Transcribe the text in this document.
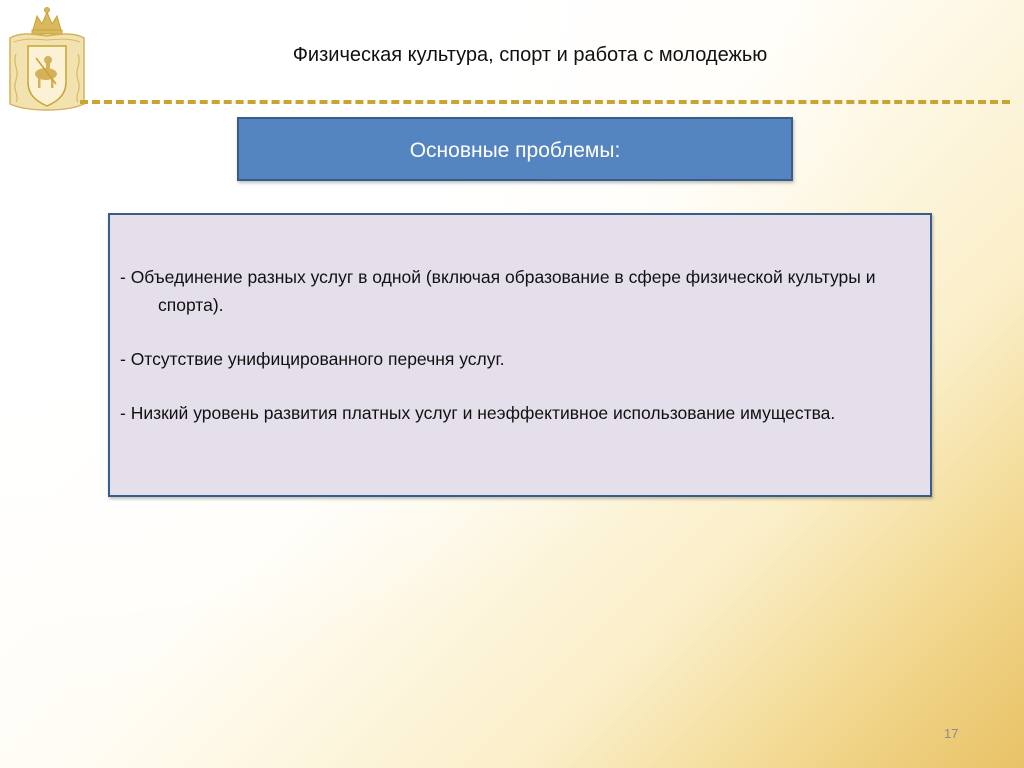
Физическая культура, спорт и работа с молодежью
Основные проблемы:
- Объединение разных услуг в одной (включая образование в сфере физической культуры и спорта).
- Отсутствие унифицированного перечня услуг.
- Низкий уровень развития платных услуг и неэффективное использование имущества.
17
